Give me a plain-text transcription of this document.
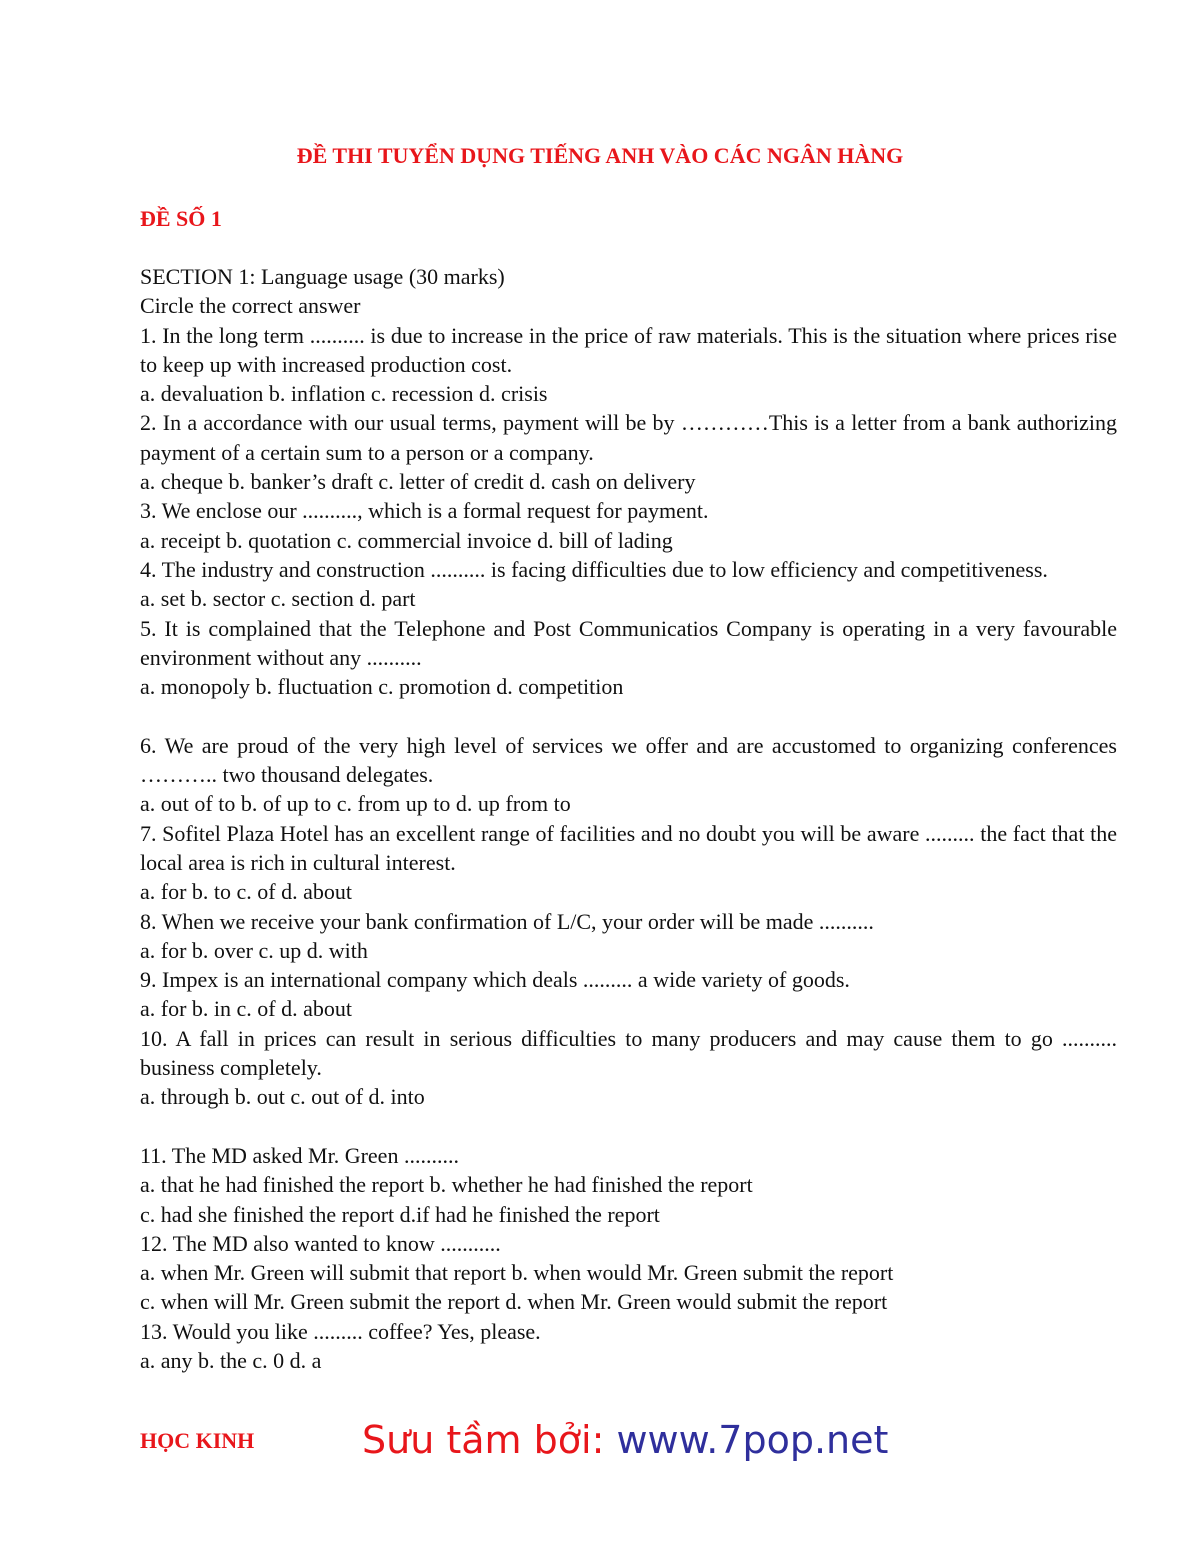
ĐỀ THI TUYỂN DỤNG TIẾNG ANH VÀO CÁC NGÂN HÀNG

ĐỀ SỐ 1

SECTION 1: Language usage (30 marks)

Circle the correct answer

1. In the long term .......... is due to increase in the price of raw materials. This is the situation where prices rise to keep up with increased production cost.

a. devaluation b. inflation c. recession d. crisis

2. In a accordance with our usual terms, payment will be by …………This is a letter from a bank authorizing payment of a certain sum to a person or a company.

a. cheque b. banker’s draft c. letter of credit d. cash on delivery

3. We enclose our .........., which is a formal request for payment.

a. receipt b. quotation c. commercial invoice d. bill of lading

4. The industry and construction .......... is facing difficulties due to low efficiency and competitiveness.

a. set b. sector c. section d. part

5. It is complained that the Telephone and Post Communicatios Company is operating in a very favourable environment without any ..........

a. monopoly b. fluctuation c. promotion d. competition

6. We are proud of the very high level of services we offer and are accustomed to organizing conferences ……….. two thousand delegates.

a. out of to b. of up to c. from up to d. up from to

7. Sofitel Plaza Hotel has an excellent range of facilities and no doubt you will be aware ......... the fact that the local area is rich in cultural interest.

a. for b. to c. of d. about

8. When we receive your bank confirmation of L/C, your order will be made ..........

a. for b. over c. up d. with

9. Impex is an international company which deals ......... a wide variety of goods.

a. for b. in c. of d. about

10. A fall in prices can result in serious difficulties to many producers and may cause them to go .......... business completely.

a. through b. out c. out of d. into

11. The MD asked Mr. Green ..........

a. that he had finished the report b. whether he had finished the report

c. had she finished the report d.if had he finished the report

12. The MD also wanted to know ...........

a. when Mr. Green will submit that report b. when would Mr. Green submit the report

c. when will Mr. Green submit the report d. when Mr. Green would submit the report

13. Would you like ......... coffee? Yes, please.

a. any b. the c. 0 d. a

HỌC KINH	Sưu tầm bởi: www.7pop.net
